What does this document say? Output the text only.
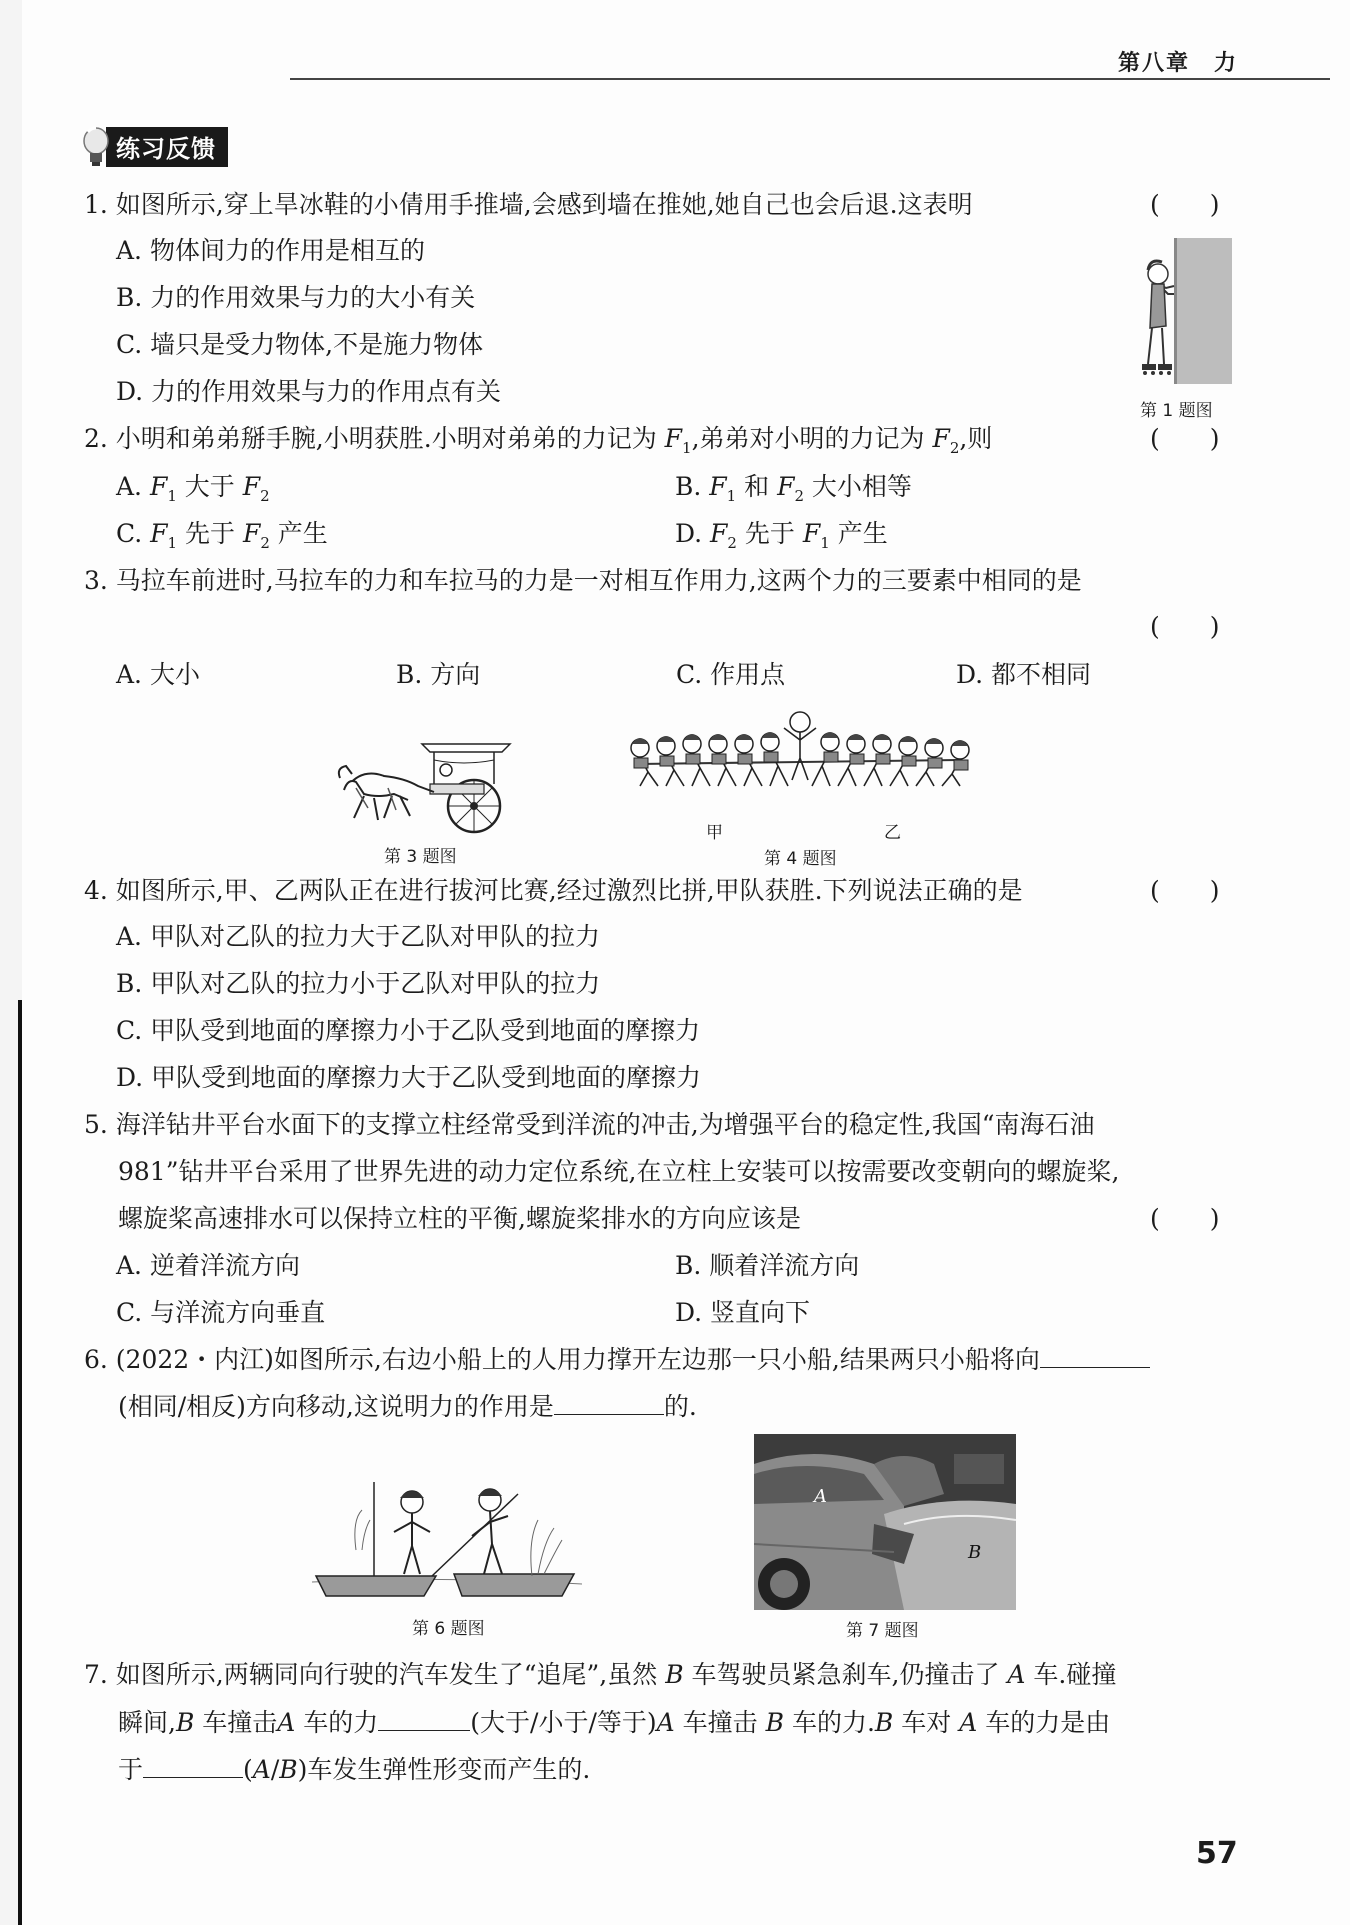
第八章　力
练习反馈
1. 如图所示,穿上旱冰鞋的小倩用手推墙,会感到墙在推她,她自己也会后退.这表明	(　　)
A. 物体间力的作用是相互的
B. 力的作用效果与力的大小有关
C. 墙只是受力物体,不是施力物体
D. 力的作用效果与力的作用点有关
第 1 题图
2. 小明和弟弟掰手腕,小明获胜.小明对弟弟的力记为 $F_1$,弟弟对小明的力记为 $F_2$,则	(　　)
A. $F_1$ 大于 $F_2$	B. $F_1$ 和 $F_2$ 大小相等
C. $F_1$ 先于 $F_2$ 产生	D. $F_2$ 先于 $F_1$ 产生
3. 马拉车前进时,马拉车的力和车拉马的力是一对相互作用力,这两个力的三要素中相同的是
(　　)
A. 大小	B. 方向	C. 作用点	D. 都不相同
第 3 题图
甲	乙
第 4 题图
4. 如图所示,甲、乙两队正在进行拔河比赛,经过激烈比拼,甲队获胜.下列说法正确的是	(　　)
A. 甲队对乙队的拉力大于乙队对甲队的拉力
B. 甲队对乙队的拉力小于乙队对甲队的拉力
C. 甲队受到地面的摩擦力小于乙队受到地面的摩擦力
D. 甲队受到地面的摩擦力大于乙队受到地面的摩擦力
5. 海洋钻井平台水面下的支撑立柱经常受到洋流的冲击,为增强平台的稳定性,我国“南海石油
981”钻井平台采用了世界先进的动力定位系统,在立柱上安装可以按需要改变朝向的螺旋桨,
螺旋桨高速排水可以保持立柱的平衡,螺旋桨排水的方向应该是	(　　)
A. 逆着洋流方向	B. 顺着洋流方向
C. 与洋流方向垂直	D. 竖直向下
6. (2022・内江)如图所示,右边小船上的人用力撑开左边那一只小船,结果两只小船将向
(相同/相反)方向移动,这说明力的作用是	的.
第 6 题图
A
B
第 7 题图
7. 如图所示,两辆同向行驶的汽车发生了“追尾”,虽然 B 车驾驶员紧急刹车,仍撞击了 A 车.碰撞
瞬间,B 车撞击A 车的力	(大于/小于/等于)A 车撞击 B 车的力.B 车对 A 车的力是由
于	(A/B)车发生弹性形变而产生的.
57
